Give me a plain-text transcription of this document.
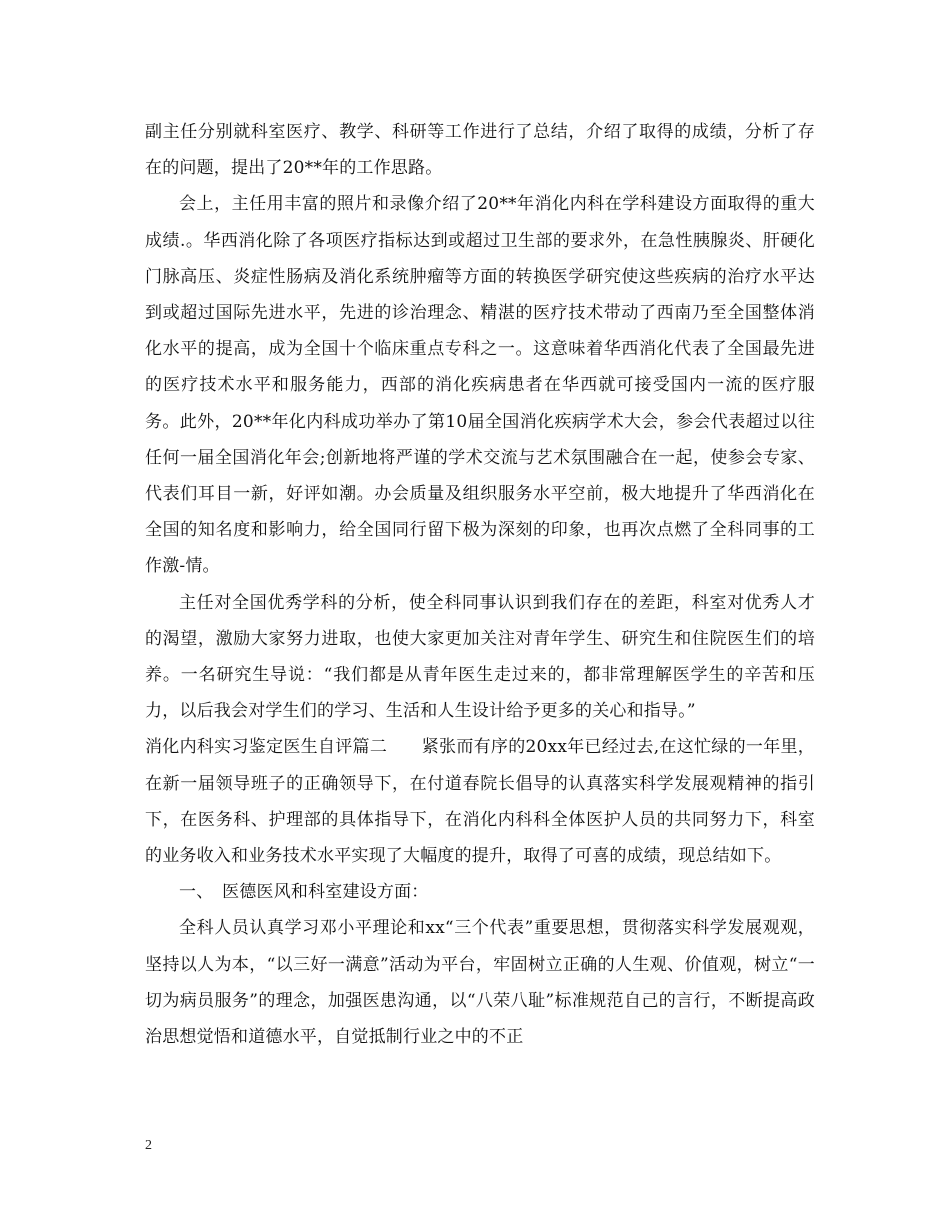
副主任分别就科室医疗、教学、科研等工作进行了总结，介绍了取得的成绩，分析了存在的问题，提出了20**年的工作思路。

会上，主任用丰富的照片和录像介绍了20**年消化内科在学科建设方面取得的重大成绩.。华西消化除了各项医疗指标达到或超过卫生部的要求外，在急性胰腺炎、肝硬化门脉高压、炎症性肠病及消化系统肿瘤等方面的转换医学研究使这些疾病的治疗水平达到或超过国际先进水平，先进的诊治理念、精湛的医疗技术带动了西南乃至全国整体消化水平的提高，成为全国十个临床重点专科之一。这意味着华西消化代表了全国最先进的医疗技术水平和服务能力，西部的消化疾病患者在华西就可接受国内一流的医疗服务。此外，20**年化内科成功举办了第10届全国消化疾病学术大会，参会代表超过以往任何一届全国消化年会;创新地将严谨的学术交流与艺术氛围融合在一起，使参会专家、代表们耳目一新，好评如潮。办会质量及组织服务水平空前，极大地提升了华西消化在全国的知名度和影响力，给全国同行留下极为深刻的印象，也再次点燃了全科同事的工作激-情。

主任对全国优秀学科的分析，使全科同事认识到我们存在的差距，科室对优秀人才的渴望，激励大家努力进取，也使大家更加关注对青年学生、研究生和住院医生们的培养。一名研究生导说：“我们都是从青年医生走过来的，都非常理解医学生的辛苦和压力，以后我会对学生们的学习、生活和人生设计给予更多的关心和指导。”

消化内科实习鉴定医生自评篇二　　紧张而有序的20xx年已经过去,在这忙绿的一年里，在新一届领导班子的正确领导下，在付道春院长倡导的认真落实科学发展观精神的指引下，在医务科、护理部的具体指导下，在消化内科科全体医护人员的共同努力下，科室的业务收入和业务技术水平实现了大幅度的提升，取得了可喜的成绩，现总结如下。

一、　医德医风和科室建设方面：

全科人员认真学习邓小平理论和xx“三个代表”重要思想，贯彻落实科学发展观观，坚持以人为本，“以三好一满意”活动为平台，牢固树立正确的人生观、价值观，树立“一切为病员服务”的理念，加强医患沟通，以“八荣八耻”标准规范自己的言行，不断提高政治思想觉悟和道德水平，自觉抵制行业之中的不正

2
